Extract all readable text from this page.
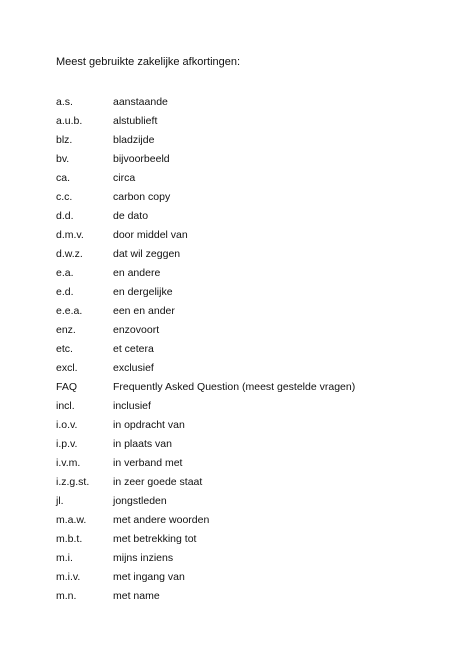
Meest gebruikte zakelijke afkortingen:
a.s.	aanstaande
a.u.b.	alstublieft
blz.	bladzijde
bv.	bijvoorbeeld
ca.	circa
c.c.	carbon copy
d.d.	de dato
d.m.v.	door middel van
d.w.z.	dat wil zeggen
e.a.	en andere
e.d.	en dergelijke
e.e.a.	een en ander
enz.	enzovoort
etc.	et cetera
excl.	exclusief
FAQ	Frequently Asked Question (meest gestelde vragen)
incl.	inclusief
i.o.v.	in opdracht van
i.p.v.	in plaats van
i.v.m.	in verband met
i.z.g.st.	in zeer goede staat
jl.	jongstleden
m.a.w.	met andere woorden
m.b.t.	met betrekking tot
m.i.	mijns inziens
m.i.v.	met ingang van
m.n.	met name
